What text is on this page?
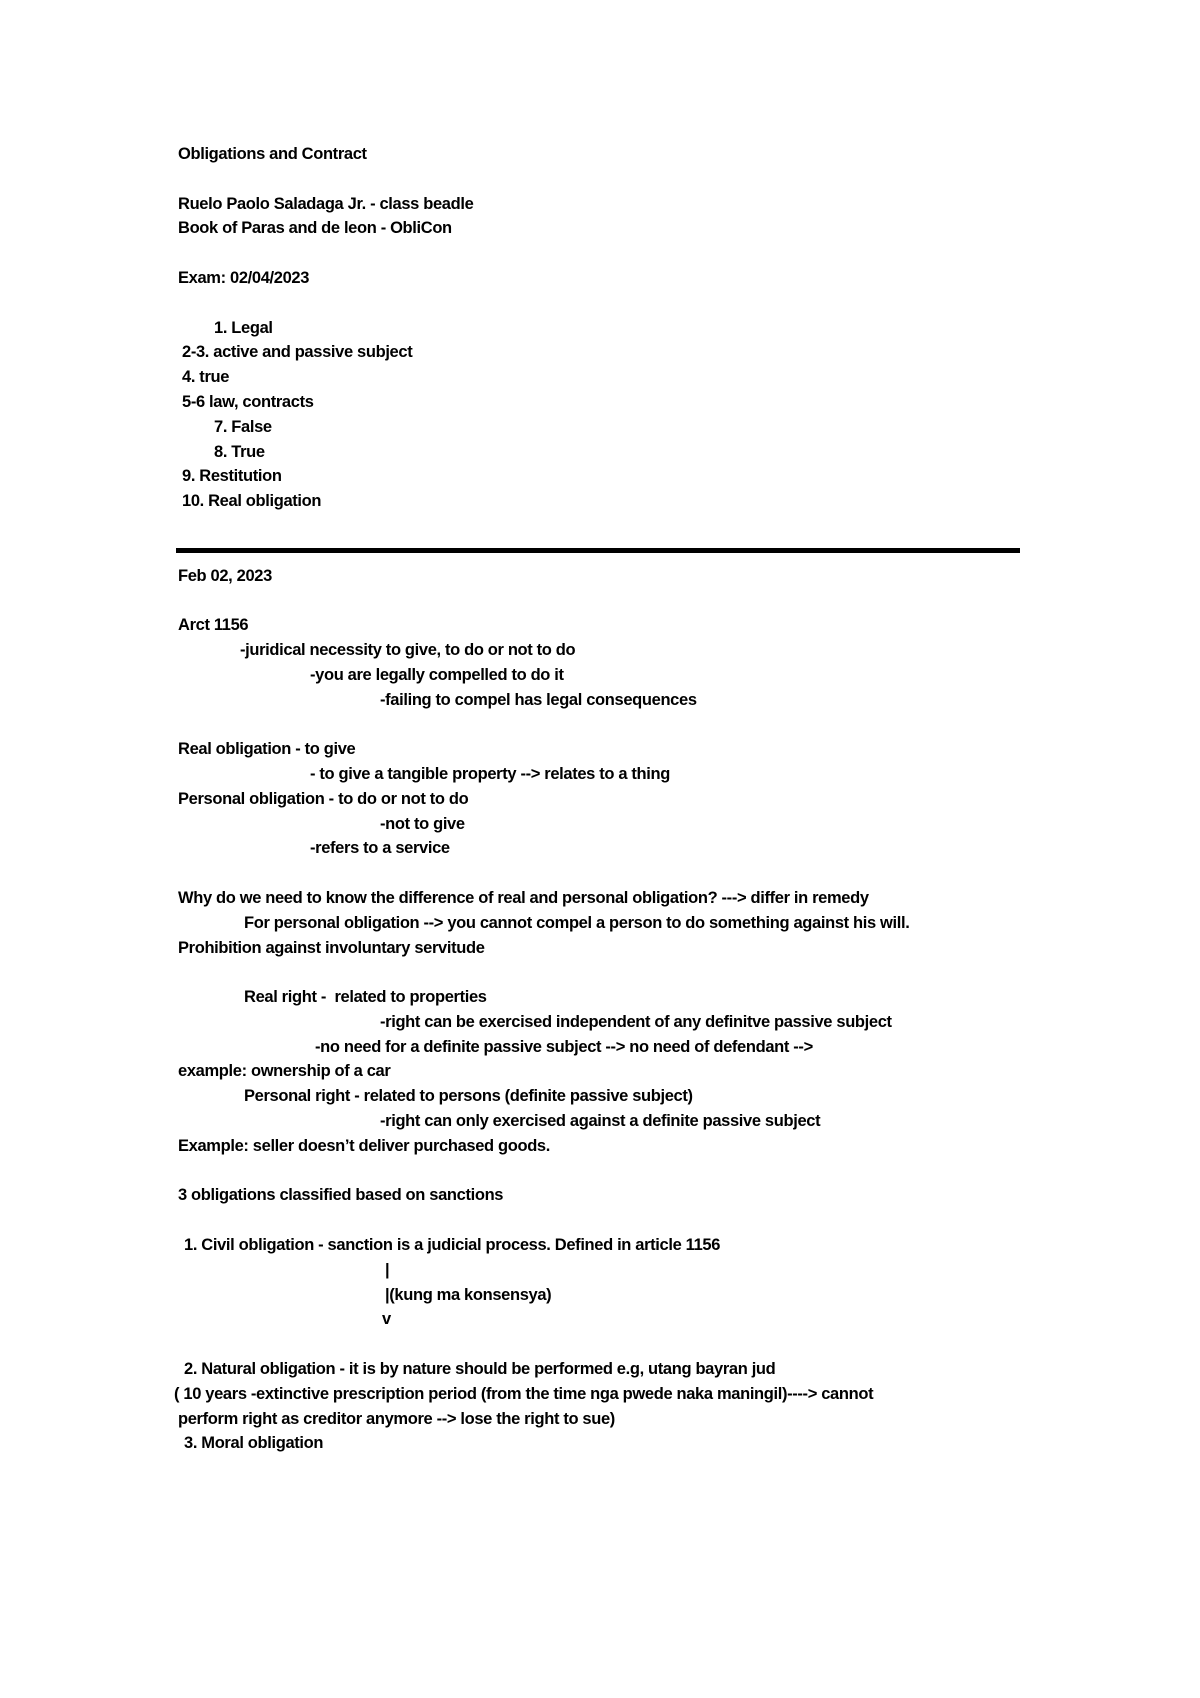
Obligations and Contract

Ruelo Paolo Saladaga Jr. - class beadle
Book of Paras and de leon - ObliCon

Exam: 02/04/2023

1. Legal
2-3. active and passive subject
4. true
5-6 law, contracts
7. False
8. True
9. Restitution
10. Real obligation

Feb 02, 2023

Arct 1156
-juridical necessity to give, to do or not to do
-you are legally compelled to do it
-failing to compel has legal consequences

Real obligation - to give
- to give a tangible property --> relates to a thing
Personal obligation - to do or not to do
-not to give
-refers to a service

Why do we need to know the difference of real and personal obligation? ---> differ in remedy
For personal obligation --> you cannot compel a person to do something against his will.
Prohibition against involuntary servitude

Real right -  related to properties
-right can be exercised independent of any definitve passive subject
-no need for a definite passive subject --> no need of defendant -->
example: ownership of a car
Personal right - related to persons (definite passive subject)
-right can only exercised against a definite passive subject
Example: seller doesn’t deliver purchased goods.

3 obligations classified based on sanctions

1. Civil obligation - sanction is a judicial process. Defined in article 1156
|
|(kung ma konsensya)
v

2. Natural obligation - it is by nature should be performed e.g, utang bayran jud
( 10 years -extinctive prescription period (from the time nga pwede naka maningil)----> cannot
perform right as creditor anymore --> lose the right to sue)
3. Moral obligation
